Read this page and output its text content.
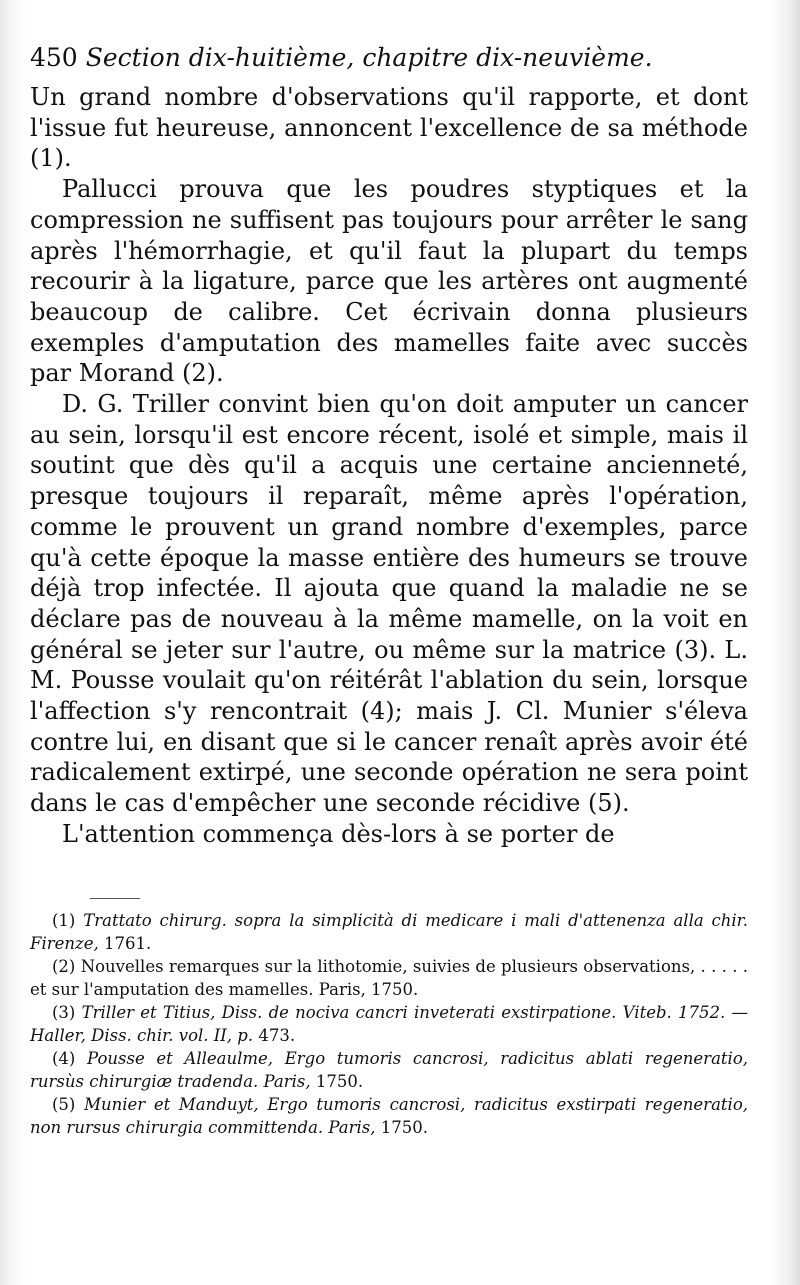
450 Section dix-huitième, chapitre dix-neuvième.

Un grand nombre d'observations qu'il rapporte, et dont l'issue fut heureuse, annoncent l'excellence de sa méthode (1).

Pallucci prouva que les poudres styptiques et la compression ne suffisent pas toujours pour arrêter le sang après l'hémorrhagie, et qu'il faut la plupart du temps recourir à la ligature, parce que les artères ont augmenté beaucoup de calibre. Cet écrivain donna plusieurs exemples d'amputation des mamelles faite avec succès par Morand (2).

D. G. Triller convint bien qu'on doit amputer un cancer au sein, lorsqu'il est encore récent, isolé et simple, mais il soutint que dès qu'il a acquis une certaine ancienneté, presque toujours il reparaît, même après l'opération, comme le prouvent un grand nombre d'exemples, parce qu'à cette époque la masse entière des humeurs se trouve déjà trop infectée. Il ajouta que quand la maladie ne se déclare pas de nouveau à la même mamelle, on la voit en général se jeter sur l'autre, ou même sur la matrice (3). L. M. Pousse voulait qu'on réitérât l'ablation du sein, lorsque l'affection s'y rencontrait (4); mais J. Cl. Munier s'éleva contre lui, en disant que si le cancer renaît après avoir été radicalement extirpé, une seconde opération ne sera point dans le cas d'empêcher une seconde récidive (5).

L'attention commença dès-lors à se porter de

(1) Trattato chirurg. sopra la simplicità di medicare i mali d'attenenza alla chir. Firenze, 1761.

(2) Nouvelles remarques sur la lithotomie, suivies de plusieurs observations, . . . . . et sur l'amputation des mamelles. Paris, 1750.

(3) Triller et Titius, Diss. de nociva cancri inveterati exstirpatione. Viteb. 1752. — Haller, Diss. chir. vol. II, p. 473.

(4) Pousse et Alleaulme, Ergo tumoris cancrosi, radicitus ablati regeneratio, rursùs chirurgiæ tradenda. Paris, 1750.

(5) Munier et Manduyt, Ergo tumoris cancrosi, radicitus exstirpati regeneratio, non rursus chirurgia committenda. Paris, 1750.
